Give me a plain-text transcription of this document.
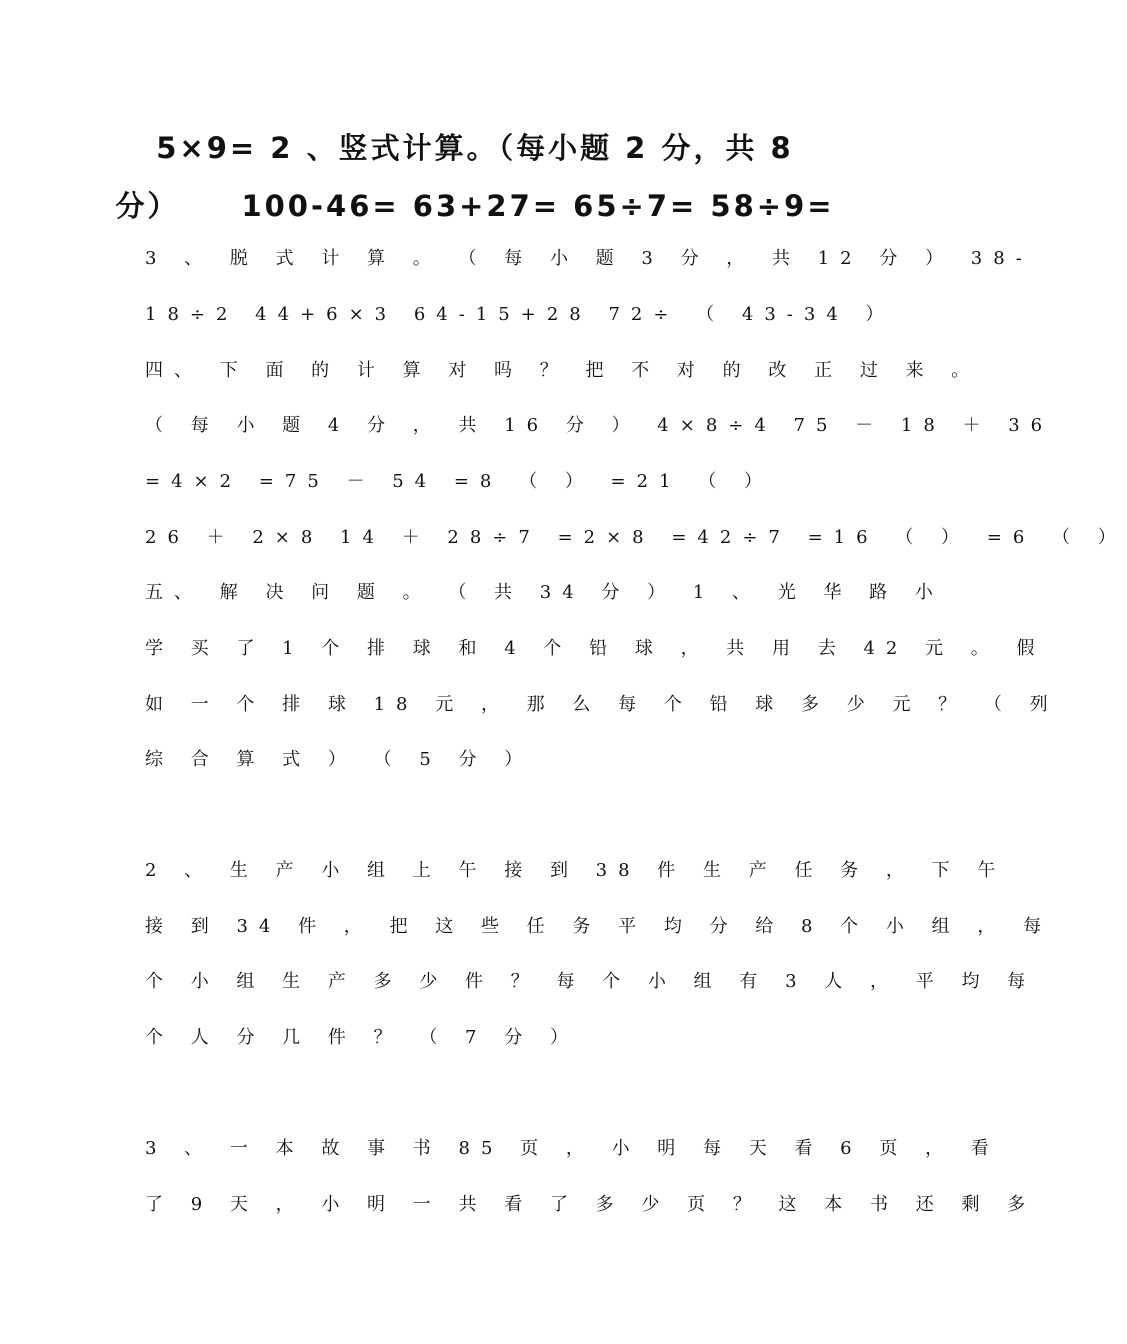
5×9= 2 、竖式计算。（每小题 2 分，共 8
分） 100-46= 63+27= 65÷7= 58÷9=
3 、 脱 式 计 算 。 （ 每 小 题 3 分 ， 共 12 分 ） 38-
18÷2 44+6×3 64-15+28 72÷ （ 43-34 ）
四、 下 面 的 计 算 对 吗 ？ 把 不 对 的 改 正 过 来 。
（ 每 小 题 4 分 ， 共 16 分 ） 4×8÷4 75 － 18 ＋ 36
=4×2 =75 － 54 =8 （ ） =21 （ ）
26 ＋ 2×8 14 ＋ 28÷7 =2×8 =42÷7 =16 （ ） =6 （ ）
五、 解 决 问 题 。 （ 共 34 分 ） 1 、 光 华 路 小
学 买 了 1 个 排 球 和 4 个 铅 球 ， 共 用 去 42 元 。 假
如 一 个 排 球 18 元 ， 那 么 每 个 铅 球 多 少 元 ？ （ 列
综 合 算 式 ） （ 5 分 ）
2 、 生 产 小 组 上 午 接 到 38 件 生 产 任 务 ， 下 午
接 到 34 件 ， 把 这 些 任 务 平 均 分 给 8 个 小 组 ， 每
个 小 组 生 产 多 少 件 ？ 每 个 小 组 有 3 人 ， 平 均 每
个 人 分 几 件 ？ （ 7 分 ）
3 、 一 本 故 事 书 85 页 ， 小 明 每 天 看 6 页 ， 看
了 9 天 ， 小 明 一 共 看 了 多 少 页 ？ 这 本 书 还 剩 多
